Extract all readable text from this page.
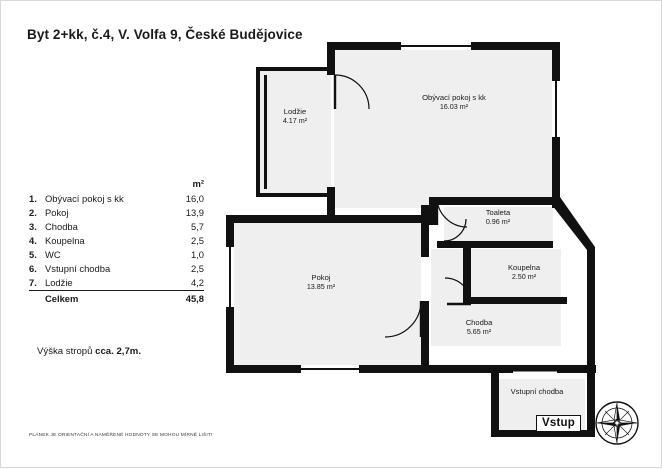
Byt 2+kk, č.4, V. Volfa 9, České Budějovice
		m²
1.	Obývací pokoj s kk	16,0
2.	Pokoj	13,9
3.	Chodba	5,7
4.	Koupelna	2,5
5.	WC	1,0
6.	Vstupní chodba	2,5
7.	Lodžie	4,2
	Celkem	45,8
Výška stropů cca. 2,7m.
PLÁNEK JE ORIENTAČNÍ A NAMĚŘENÉ HODNOTY SE MOHOU MÍRNĚ LIŠIT!
Obývací pokoj s kk
16.03 m²
Lodžie
4.17 m²
Pokoj
13.85 m²
Toaleta
0.96 m²
Koupelna
2.50 m²
Chodba
5.65 m²
Vstupní chodba
Vstup
